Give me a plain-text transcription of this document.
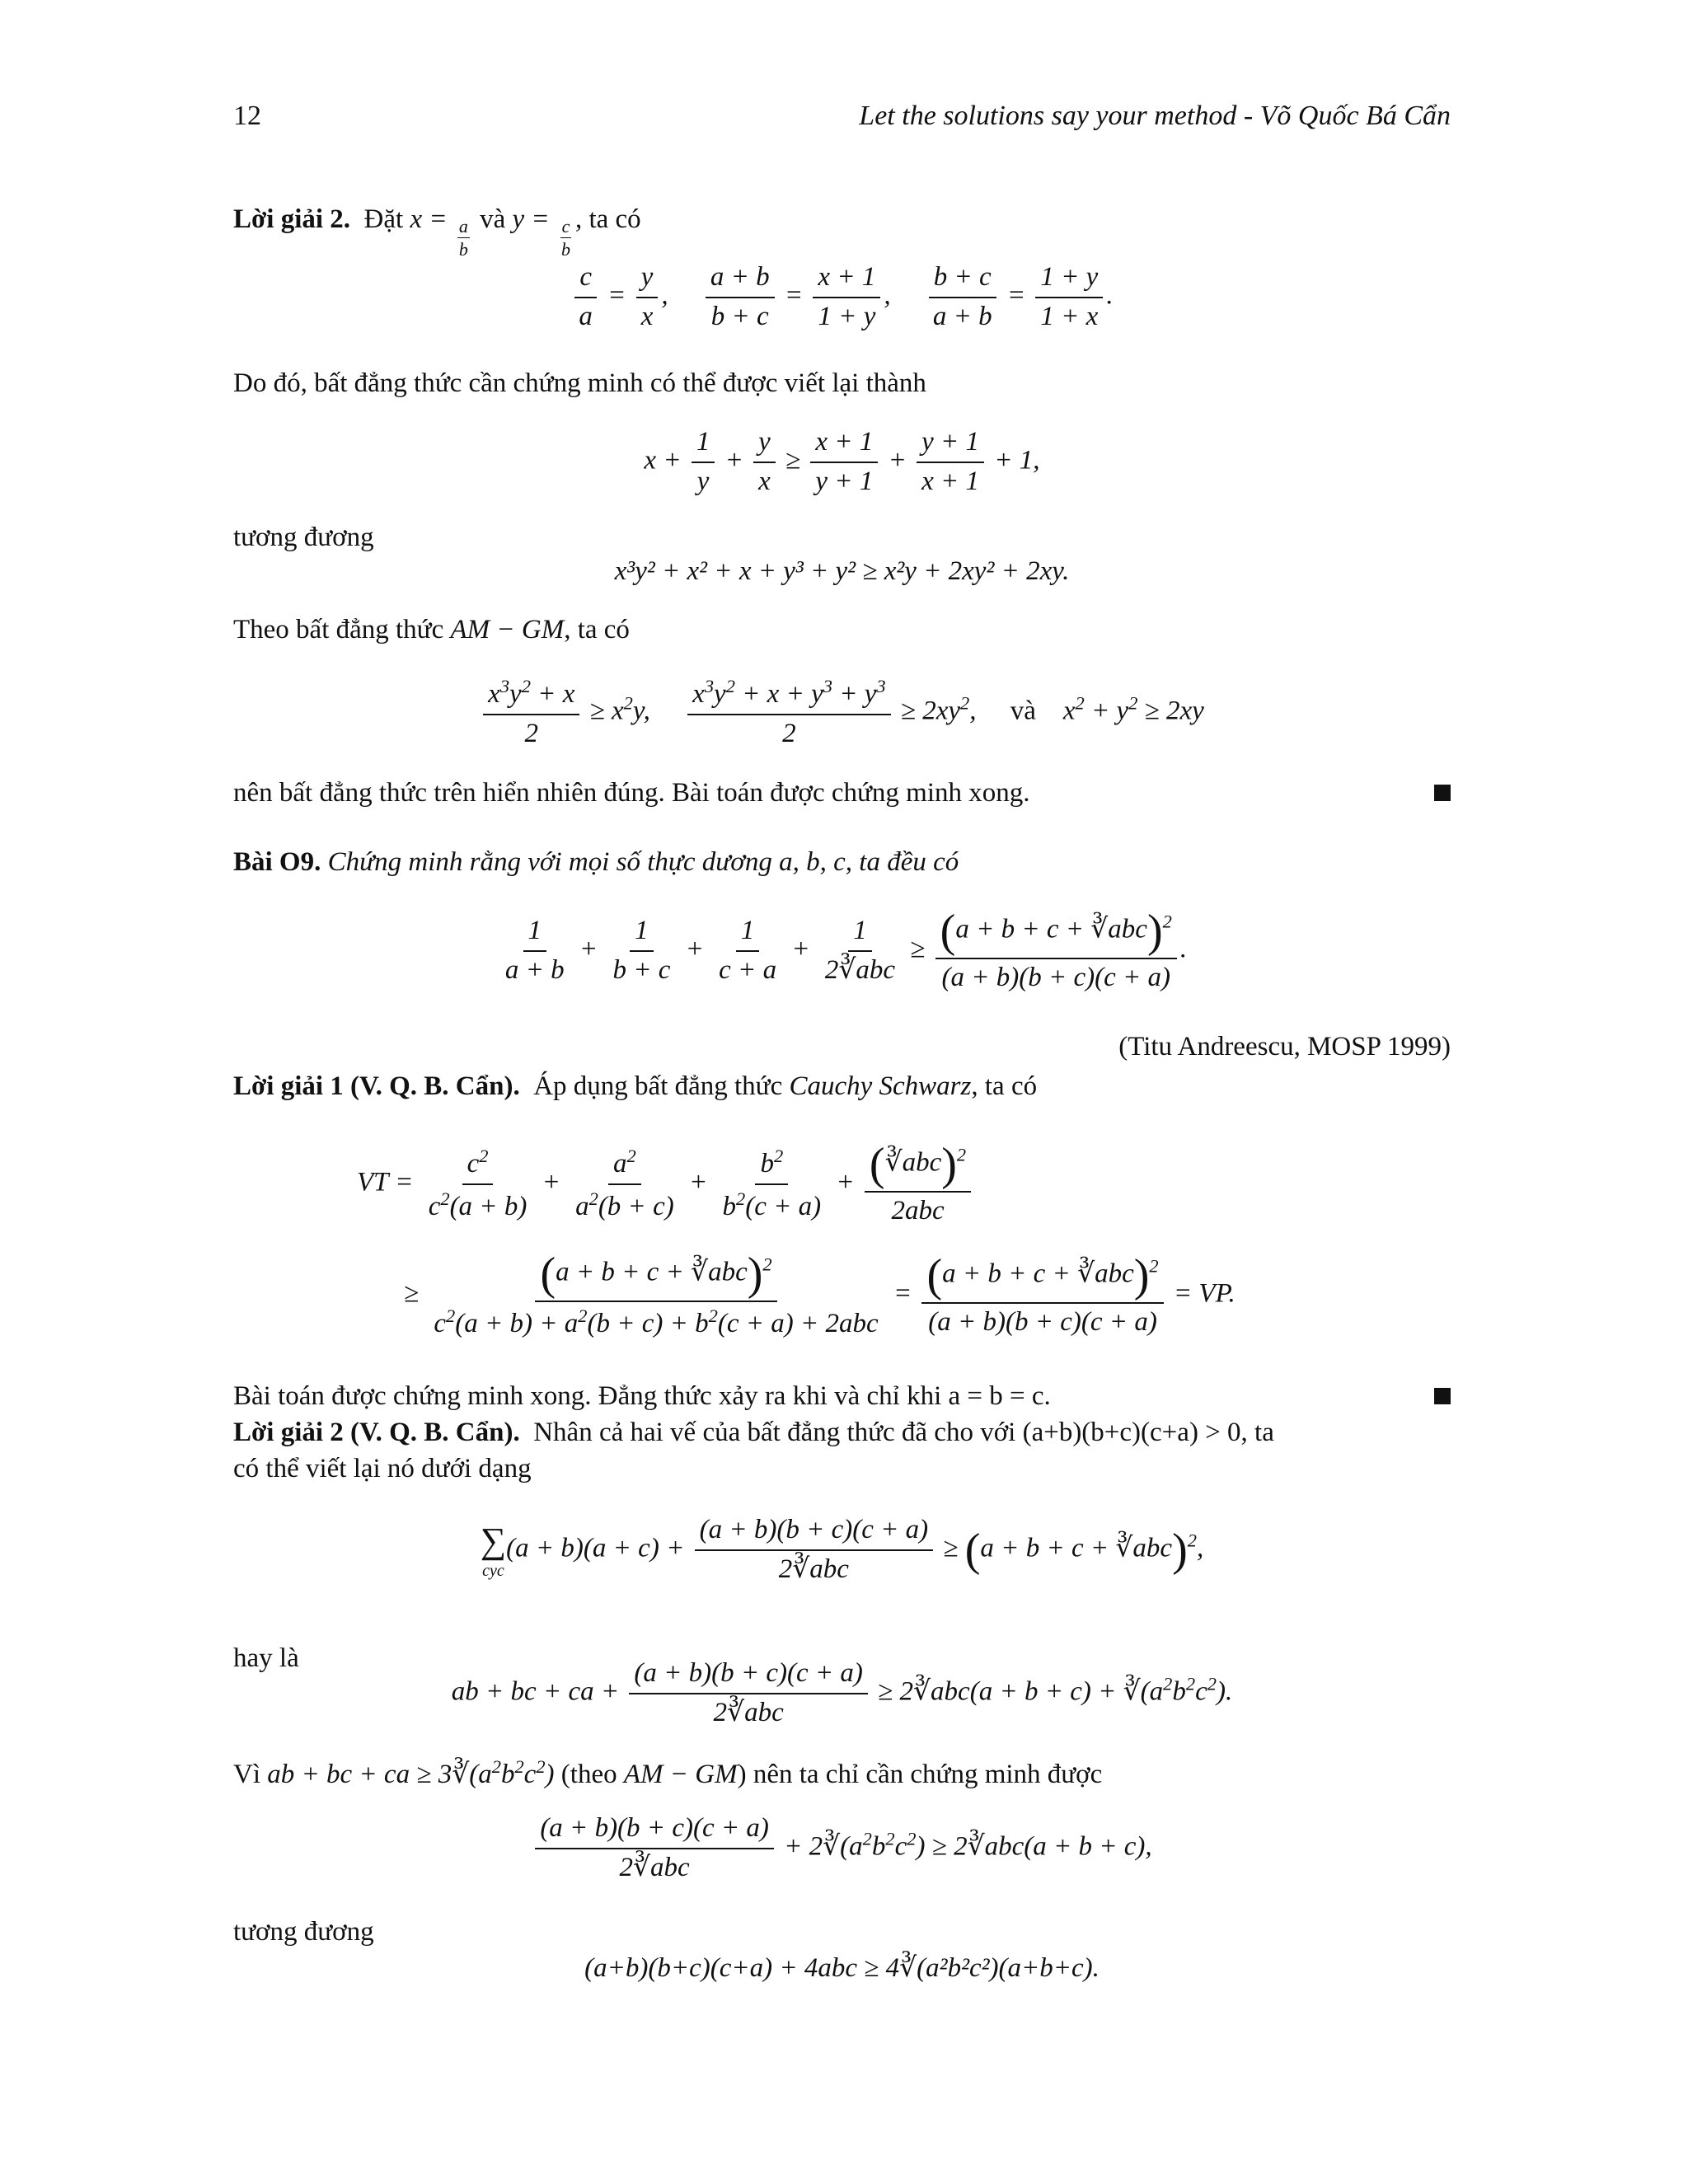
12	Let the solutions say your method - Võ Quốc Bá Cẩn
Lời giải 2. Đặt $x = \frac{a}{b}$ và $y = \frac{c}{b}$ , ta có
$\frac{c}{a} = \frac{y}{x}$ , $\frac{a + b}{b + c} = \frac{x + 1}{1 + y}$ , $\frac{b + c}{a + b} = \frac{1 + y}{1 + x}$ .
Do đó, bất đẳng thức cần chứng minh có thể được viết lại thành
$x + \frac{1}{y} + \frac{y}{x} \ge \frac{x + 1}{y + 1} + \frac{y + 1}{x + 1} + 1$,
tương đương
x³y² + x² + x + y³ + y² ≥ x²y + 2xy² + 2xy.
Theo bất đẳng thức AM − GM, ta có
$\frac{x^3y^2 + x}{2} \ge x^2y$, $\frac{x^3y^2 + x + y^3 + y^3}{2} \ge 2xy^2$,     và    $x^2 + y^2 \ge 2xy$
nên bất đẳng thức trên hiển nhiên đúng. Bài toán được chứng minh xong.
Bài O9. Chứng minh rằng với mọi số thực dương a, b, c, ta đều có
$\frac{1}{a + b} + \frac{1}{b + c} + \frac{1}{c + a} + \frac{1}{\text{2∛abc}} \ge \frac{(a + b + c + ∛abc)^2}{(a + b)(b + c)(c + a)}$ .
(Titu Andreescu, MOSP 1999)
Lời giải 1 (V. Q. B. Cẩn). Áp dụng bất đẳng thức Cauchy Schwarz, ta có
VT = $\frac{c^2}{c^2(a + b)} + \frac{a^2}{a^2(b + c)} + \frac{b^2}{b^2(c + a)} + \frac{(∛abc)^2}{\text{2abc}}$
≥ $\frac{(a + b + c + ∛abc)^2}{c^2(a + b) + a^2(b + c) + b^2(c + a) + 2abc} = \frac{(a + b + c + ∛abc)^2}{(a + b)(b + c)(c + a)}$ = VP.
Bài toán được chứng minh xong. Đẳng thức xảy ra khi và chỉ khi a = b = c.
Lời giải 2 (V. Q. B. Cẩn). Nhân cả hai vế của bất đẳng thức đã cho với (a+b)(b+c)(c+a) > 0, ta
có thể viết lại nó dưới dạng
∑
cyc
$(a + b)(a + c) + \frac{(a + b)(b + c)(c + a)}{\text{2∛abc}} \ge (a + b + c$ + ∛abc)$^2$,
hay là
ab + bc + ca + $\frac{(a + b)(b + c)(c + a)}{\text{2∛abc}}$ ≥ 2∛abc(a + $b + c) + ∛(a^2b^2c^2)$.
Vì ab + bc + ca ≥ $3∛(a^2b^2c^2)$ (theo AM − GM) nên ta chỉ cần chứng minh được
$\frac{(a + b)(b + c)(c + a)}{\text{2∛abc}}$ + $2∛(a^2b^2c^2)$ ≥ 2∛abc(a + b + c),
tương đương
(a+b)(b+c)(c+a) + 4abc ≥ 4∛(a²b²c²)(a+b+c).
